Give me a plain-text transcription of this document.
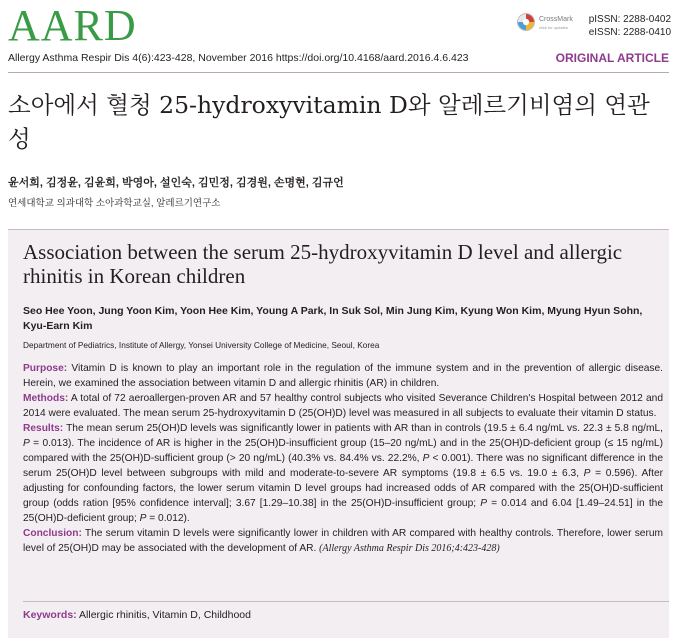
AARD	CrossMark
click for updates
pISSN: 2288-0402
eISSN: 2288-0410
Allergy Asthma Respir Dis 4(6):423-428, November 2016 https://doi.org/10.4168/aard.2016.4.6.423	ORIGINAL ARTICLE
소아에서 혈청 25-hydroxyvitamin D와 알레르기비염의 연관성
윤서희, 김정윤, 김윤희, 박영아, 설인숙, 김민정, 김경원, 손명현, 김규언
연세대학교 의과대학 소아과학교실, 알레르기연구소
Association between the serum 25-hydroxyvitamin D level and allergic rhinitis in Korean children
Seo Hee Yoon, Jung Yoon Kim, Yoon Hee Kim, Young A Park, In Suk Sol, Min Jung Kim, Kyung Won Kim, Myung Hyun Sohn, Kyu-Earn Kim
Department of Pediatrics, Institute of Allergy, Yonsei University College of Medicine, Seoul, Korea

Purpose: Vitamin D is known to play an important role in the regulation of the immune system and in the prevention of allergic disease. Herein, we examined the association between vitamin D and allergic rhinitis (AR) in children.

Methods: A total of 72 aeroallergen-proven AR and 57 healthy control subjects who visited Severance Children's Hospital between 2012 and 2014 were evaluated. The mean serum 25-hydroxyvitamin D (25(OH)D) level was measured in all subjects to evaluate their vitamin D status.

Results: The mean serum 25(OH)D levels was significantly lower in patients with AR than in controls (19.5 ± 6.4 ng/mL vs. 22.3 ± 5.8 ng/mL, P = 0.013). The incidence of AR is higher in the 25(OH)D-insufficient group (15–20 ng/mL) and in the 25(OH)D-deficient group (≤ 15 ng/mL) compared with the 25(OH)D-sufficient group (> 20 ng/mL) (40.3% vs. 84.4% vs. 22.2%, P < 0.001). There was no significant difference in the serum 25(OH)D level between subgroups with mild and moderate-to-severe AR symptoms (19.8 ± 6.5 vs. 19.0 ± 6.3, P = 0.596). After adjusting for confounding factors, the lower serum vitamin D level groups had increased odds of AR compared with the 25(OH)D-sufficient group (odds ration [95% confidence interval]; 3.67 [1.29–10.38] in the 25(OH)D-insufficient group; P = 0.014 and 6.04 [1.49–24.51] in the 25(OH)D-deficient group; P = 0.012).

Conclusion: The serum vitamin D levels were significantly lower in children with AR compared with healthy controls. Therefore, lower serum level of 25(OH)D may be associated with the development of AR. (Allergy Asthma Respir Dis 2016;4:423-428)

Keywords: Allergic rhinitis, Vitamin D, Childhood
